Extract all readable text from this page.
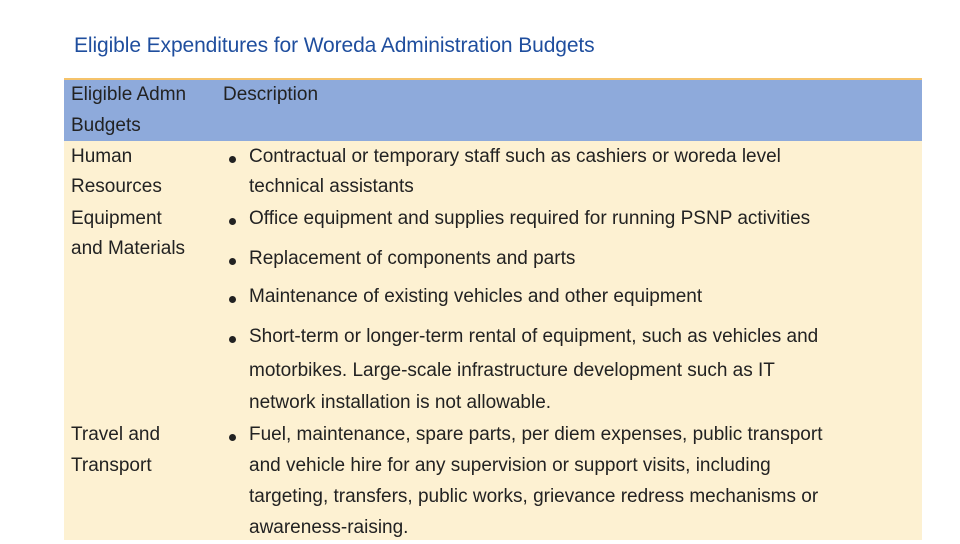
Eligible Expenditures for Woreda Administration Budgets
Eligible Admn
Budgets
Description
Human
Resources
Contractual or temporary staff such as cashiers or woreda level
technical assistants
Equipment
and Materials
Office equipment and supplies required for running PSNP activities
Replacement of components and parts
Maintenance of existing vehicles and other equipment
Short-term or longer-term rental of equipment, such as vehicles and
motorbikes. Large-scale infrastructure development such as IT
network installation is not allowable.
Travel and
Transport
Fuel, maintenance, spare parts, per diem expenses, public transport
and vehicle hire for any supervision or support visits, including
targeting, transfers, public works, grievance redress mechanisms or
awareness-raising.
